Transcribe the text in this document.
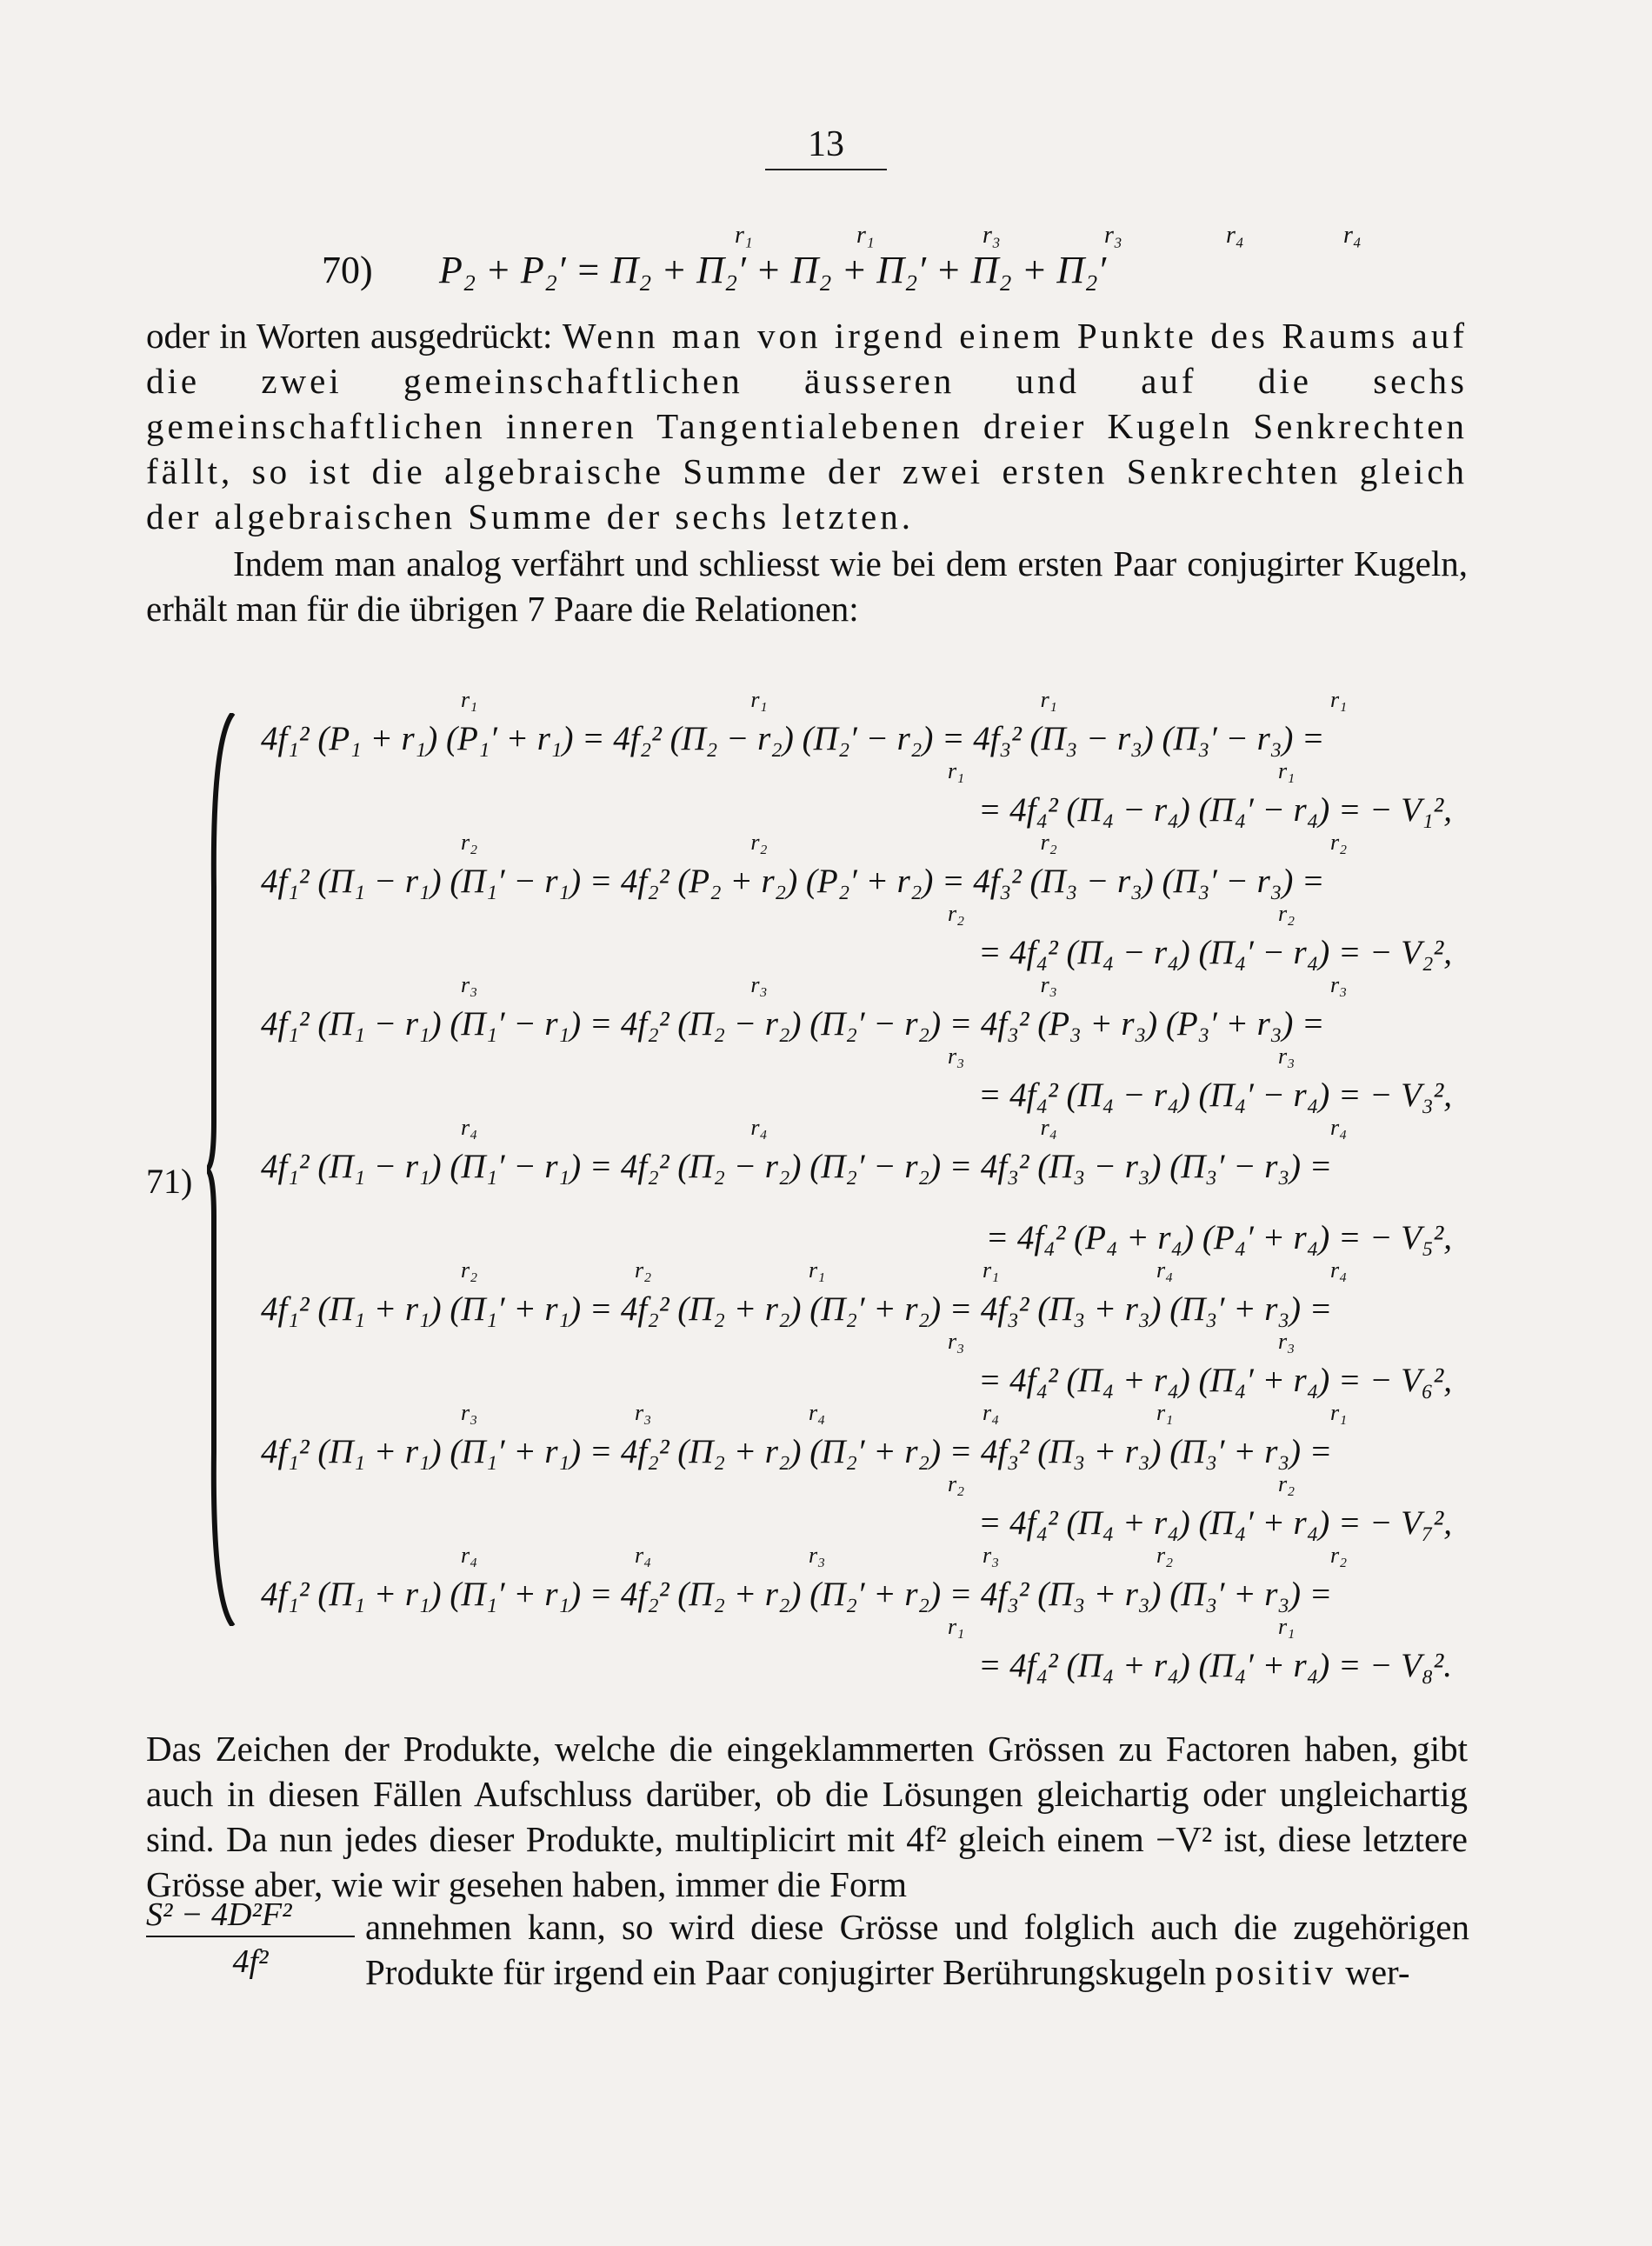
13
70)
r₁	r₁	r₃	r₃	r₄	r₄
P₂ + P₂′ = Π₂ + Π₂′ + Π₂ + Π₂′ + Π₂ + Π₂′
oder in Worten ausgedrückt: Wenn man von irgend einem Punkte des Raums auf die zwei gemeinschaftlichen äusseren und auf die sechs gemeinschaftlichen inneren Tangentialebenen dreier Kugeln Senkrechten fällt, so ist die algebraische Summe der zwei ersten Senkrechten gleich der algebraischen Summe der sechs letzten.
Indem man analog verfährt und schliesst wie bei dem ersten Paar conjugirter Kugeln, erhält man für die übrigen 7 Paare die Relationen:
71)
r₁	r₁	r₁	r₁
4f₁² (P₁ + r₁) (P₁′ + r₁) = 4f₂² (Π₂ − r₂) (Π₂′ − r₂) = 4f₃² (Π₃ − r₃) (Π₃′ − r₃) =
r₁	r₁
= 4f₄² (Π₄ − r₄) (Π₄′ − r₄) = − V₁²,
r₂	r₂	r₂	r₂
4f₁² (Π₁ − r₁) (Π₁′ − r₁) = 4f₂² (P₂ + r₂) (P₂′ + r₂) = 4f₃² (Π₃ − r₃) (Π₃′ − r₃) =
r₂	r₂
= 4f₄² (Π₄ − r₄) (Π₄′ − r₄) = − V₂²,
r₃	r₃	r₃	r₃
4f₁² (Π₁ − r₁) (Π₁′ − r₁) = 4f₂² (Π₂ − r₂) (Π₂′ − r₂) = 4f₃² (P₃ + r₃) (P₃′ + r₃) =
r₃	r₃
= 4f₄² (Π₄ − r₄) (Π₄′ − r₄) = − V₃²,
r₄	r₄	r₄	r₄
4f₁² (Π₁ − r₁) (Π₁′ − r₁) = 4f₂² (Π₂ − r₂) (Π₂′ − r₂) = 4f₃² (Π₃ − r₃) (Π₃′ − r₃) =
= 4f₄² (P₄ + r₄) (P₄′ + r₄) = − V₅²,
r₂	r₂	r₁	r₁	r₄	r₄
4f₁² (Π₁ + r₁) (Π₁′ + r₁) = 4f₂² (Π₂ + r₂) (Π₂′ + r₂) = 4f₃² (Π₃ + r₃) (Π₃′ + r₃) =
r₃	r₃
= 4f₄² (Π₄ + r₄) (Π₄′ + r₄) = − V₆²,
r₃	r₃	r₄	r₄	r₁	r₁
4f₁² (Π₁ + r₁) (Π₁′ + r₁) = 4f₂² (Π₂ + r₂) (Π₂′ + r₂) = 4f₃² (Π₃ + r₃) (Π₃′ + r₃) =
r₂	r₂
= 4f₄² (Π₄ + r₄) (Π₄′ + r₄) = − V₇²,
r₄	r₄	r₃	r₃	r₂	r₂
4f₁² (Π₁ + r₁) (Π₁′ + r₁) = 4f₂² (Π₂ + r₂) (Π₂′ + r₂) = 4f₃² (Π₃ + r₃) (Π₃′ + r₃) =
r₁	r₁
= 4f₄² (Π₄ + r₄) (Π₄′ + r₄) = − V₈².
Das Zeichen der Produkte, welche die eingeklammerten Grössen zu Factoren haben, gibt auch in diesen Fällen Aufschluss darüber, ob die Lösungen gleichartig oder ungleichartig sind. Da nun jedes dieser Produkte, multiplicirt mit 4f² gleich einem −V² ist, diese letztere Grösse aber, wie wir gesehen haben, immer die Form
$\frac{\text{S² − 4D²F²}}{\text{4f²}}$ annehmen kann, so wird diese Grösse und folglich auch die zugehörigen Produkte für irgend ein Paar conjugirter Berührungskugeln positiv wer-
